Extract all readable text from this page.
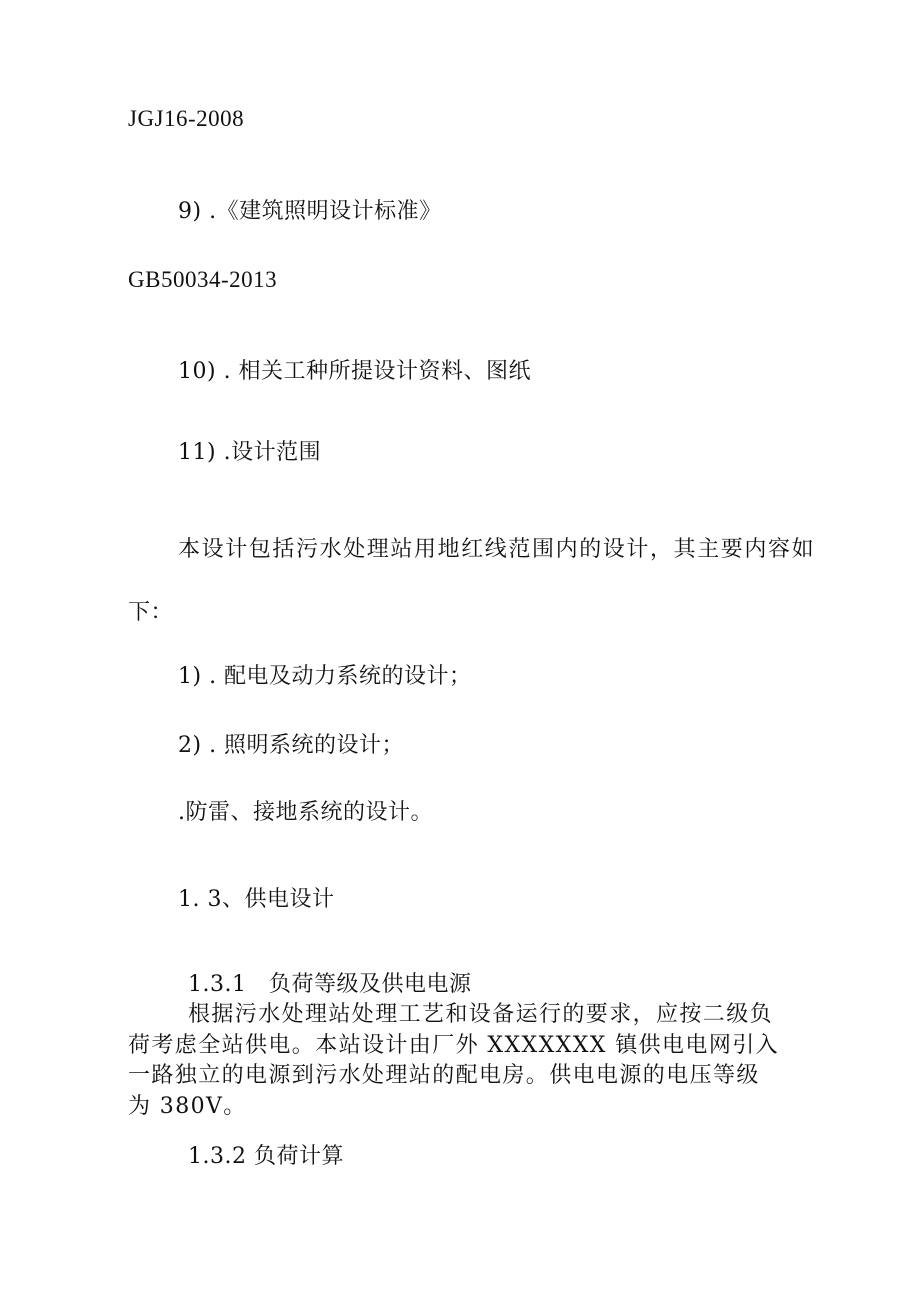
JGJ16-2008
9) .《建筑照明设计标准》
GB50034-2013
10) . 相关工种所提设计资料、图纸
11) .设计范围
本设计包括污水处理站用地红线范围内的设计，其主要内容如
下：
1) . 配电及动力系统的设计；
2) . 照明系统的设计；
.防雷、接地系统的设计。
1. 3、供电设计
1.3.1　负荷等级及供电电源
根据污水处理站处理工艺和设备运行的要求，应按二级负
荷考虑全站供电。本站设计由厂外 XXXXXXX 镇供电电网引入
一路独立的电源到污水处理站的配电房。供电电源的电压等级
为 380V。
1.3.2 负荷计算
